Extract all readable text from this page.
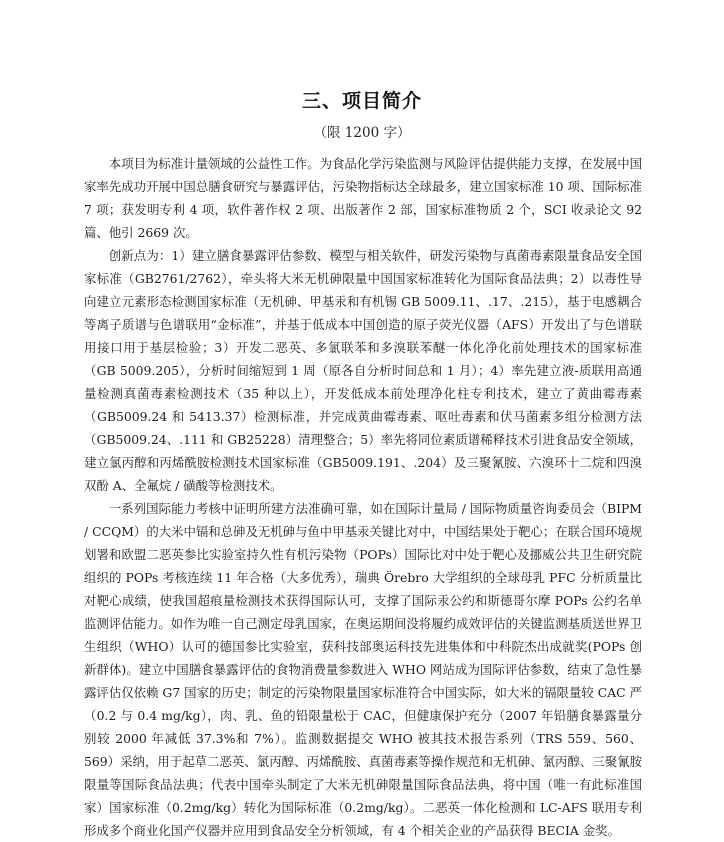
三、项目简介
（限 1200 字）

本项目为标准计量领域的公益性工作。为食品化学污染监测与风险评估提供能力支撑，在发展中国家率先成功开展中国总膳食研究与暴露评估，污染物指标达全球最多，建立国家标准 10 项、国际标准 7 项；获发明专利 4 项，软件著作权 2 项、出版著作 2 部，国家标准物质 2 个，SCI 收录论文 92 篇、他引 2669 次。

创新点为：1）建立膳食暴露评估参数、模型与相关软件，研发污染物与真菌毒素限量食品安全国家标准（GB2761/2762），牵头将大米无机砷限量中国国家标准转化为国际食品法典；2）以毒性导向建立元素形态检测国家标准（无机砷、甲基汞和有机锡 GB 5009.11、.17、.215），基于电感耦合等离子质谱与色谱联用“金标准”，并基于低成本中国创造的原子荧光仪器（AFS）开发出了与色谱联用接口用于基层检验；3）开发二恶英、多氯联苯和多溴联苯醚一体化净化前处理技术的国家标准（GB 5009.205），分析时间缩短到 1 周（原各自分析时间总和 1 月）；4）率先建立液-质联用高通量检测真菌毒素检测技术（35 种以上），开发低成本前处理净化柱专利技术，建立了黄曲霉毒素（GB5009.24 和 5413.37）检测标准，并完成黄曲霉毒素、呕吐毒素和伏马菌素多组分检测方法（GB5009.24、.111 和 GB25228）清理整合；5）率先将同位素质谱稀释技术引进食品安全领域，建立氯丙醇和丙烯酰胺检测技术国家标准（GB5009.191、.204）及三聚氰胺、六溴环十二烷和四溴双酚 A、全氟烷 / 磺酸等检测技术。

一系列国际能力考核中证明所建方法准确可靠，如在国际计量局 / 国际物质量咨询委员会（BIPM / CCQM）的大米中镉和总砷及无机砷与鱼中甲基汞关键比对中，中国结果处于靶心；在联合国环境规划署和欧盟二恶英参比实验室持久性有机污染物（POPs）国际比对中处于靶心及挪威公共卫生研究院组织的 POPs 考核连续 11 年合格（大多优秀），瑞典 Örebro 大学组织的全球母乳 PFC 分析质量比对靶心成绩，使我国超痕量检测技术获得国际认可，支撑了国际汞公约和斯德哥尔摩 POPs 公约名单监测评估能力。如作为唯一自己测定母乳国家，在奥运期间没将履约成效评估的关键监测基质送世界卫生组织（WHO）认可的德国参比实验室，获科技部奥运科技先进集体和中科院杰出成就奖(POPs 创新群体)。建立中国膳食暴露评估的食物消费量参数进入 WHO 网站成为国际评估参数，结束了急性暴露评估仅依赖 G7 国家的历史；制定的污染物限量国家标准符合中国实际，如大米的镉限量较 CAC 严（0.2 与 0.4 mg/kg），肉、乳、鱼的铅限量松于 CAC，但健康保护充分（2007 年铅膳食暴露量分别较 2000 年减低 37.3%和 7%）。监测数据提交 WHO 被其技术报告系列（TRS 559、560、569）采纳，用于起草二恶英、氯丙醇、丙烯酰胺、真菌毒素等操作规范和无机砷、氯丙醇、三聚氰胺限量等国际食品法典；代表中国牵头制定了大米无机砷限量国际食品法典，将中国（唯一有此标准国家）国家标准（0.2mg/kg）转化为国际标准（0.2mg/kg）。二恶英一体化检测和 LC-AFS 联用专利形成多个商业化国产仪器并应用到食品安全分析领域，有 4 个相关企业的产品获得 BECIA 金奖。
